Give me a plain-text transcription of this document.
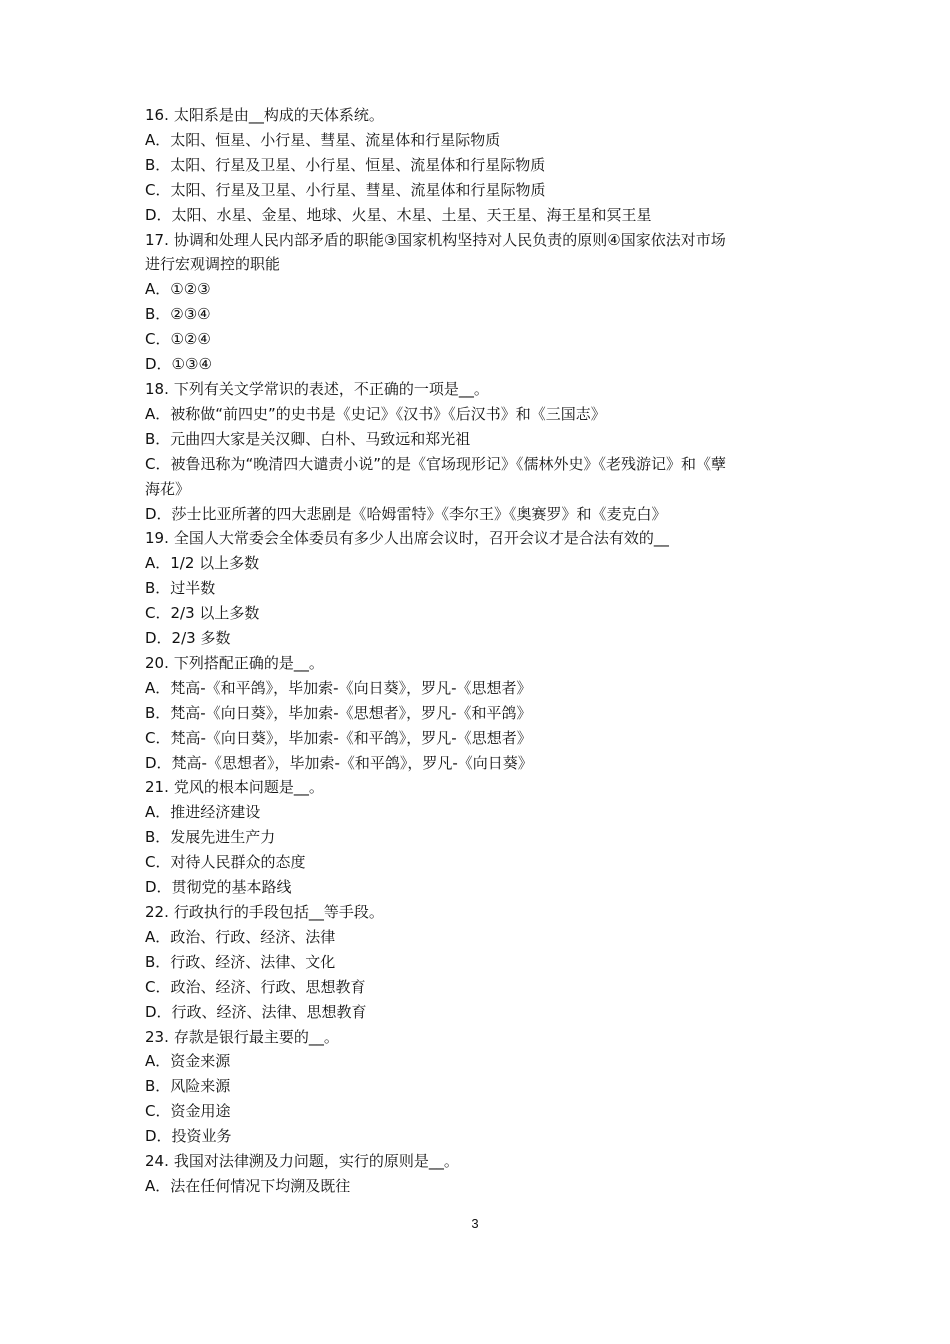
16. 太阳系是由__构成的天体系统。
A．太阳、恒星、小行星、彗星、流星体和行星际物质
B．太阳、行星及卫星、小行星、恒星、流星体和行星际物质
C．太阳、行星及卫星、小行星、彗星、流星体和行星际物质
D．太阳、水星、金星、地球、火星、木星、土星、天王星、海王星和冥王星
17. 协调和处理人民内部矛盾的职能③国家机构坚持对人民负责的原则④国家依法对市场
进行宏观调控的职能
A．①②③
B．②③④
C．①②④
D．①③④
18. 下列有关文学常识的表述，不正确的一项是__。
A．被称做“前四史”的史书是《史记》《汉书》《后汉书》和《三国志》
B．元曲四大家是关汉卿、白朴、马致远和郑光祖
C．被鲁迅称为“晚清四大谴责小说”的是《官场现形记》《儒林外史》《老残游记》和《孽
海花》
D．莎士比亚所著的四大悲剧是《哈姆雷特》《李尔王》《奥赛罗》和《麦克白》
19. 全国人大常委会全体委员有多少人出席会议时，召开会议才是合法有效的__
A．1/2 以上多数
B．过半数
C．2/3 以上多数
D．2/3 多数
20. 下列搭配正确的是__。
A．梵高-《和平鸽》，毕加索-《向日葵》，罗凡-《思想者》
B．梵高-《向日葵》，毕加索-《思想者》，罗凡-《和平鸽》
C．梵高-《向日葵》，毕加索-《和平鸽》，罗凡-《思想者》
D．梵高-《思想者》，毕加索-《和平鸽》，罗凡-《向日葵》
21. 党风的根本问题是__。
A．推进经济建设
B．发展先进生产力
C．对待人民群众的态度
D．贯彻党的基本路线
22. 行政执行的手段包括__等手段。
A．政治、行政、经济、法律
B．行政、经济、法律、文化
C．政治、经济、行政、思想教育
D．行政、经济、法律、思想教育
23. 存款是银行最主要的__。
A．资金来源
B．风险来源
C．资金用途
D．投资业务
24. 我国对法律溯及力问题，实行的原则是__。
A．法在任何情况下均溯及既往
3
